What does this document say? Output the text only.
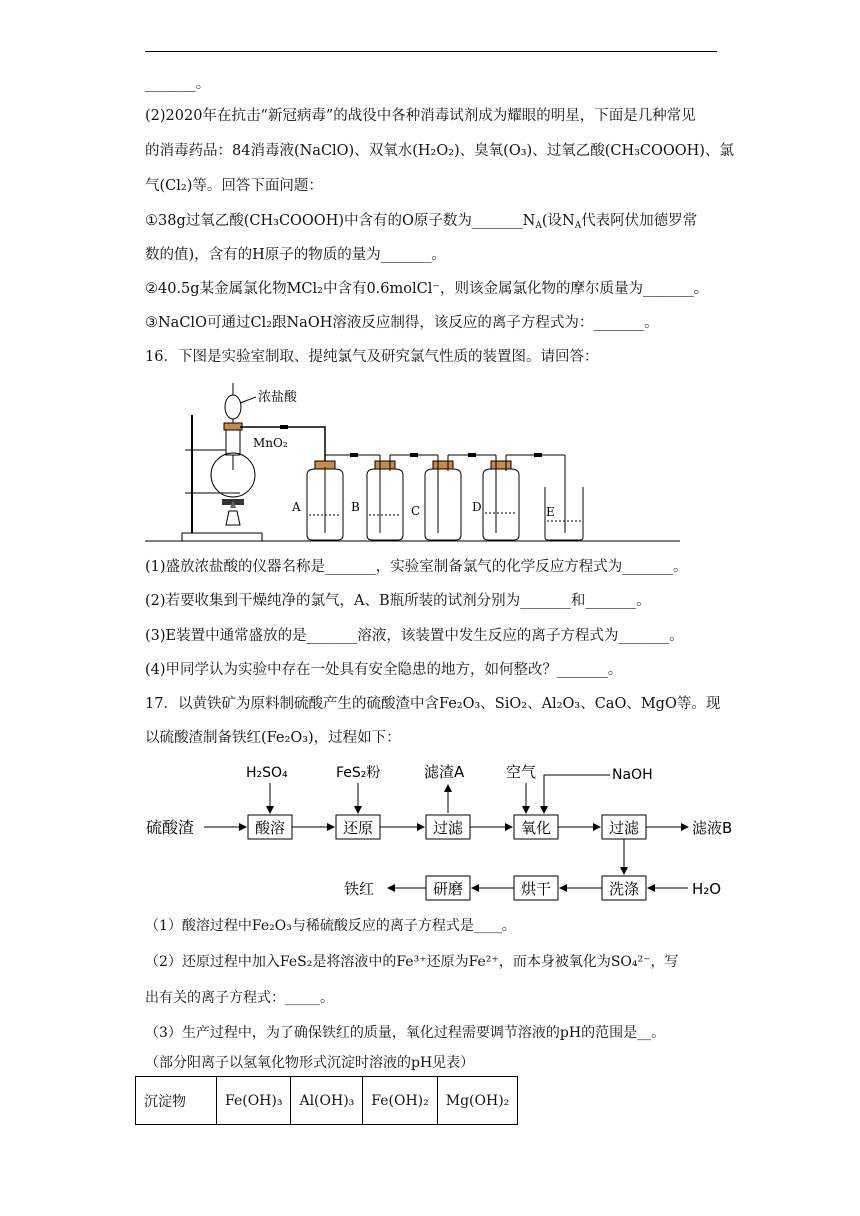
_______。
(2)2020年在抗击“新冠病毒”的战役中各种消毒试剂成为耀眼的明星，下面是几种常见
的消毒药品：84消毒液(NaClO)、双氧水(H₂O₂)、臭氧(O₃)、过氧乙酸(CH₃COOOH)、氯
气(Cl₂)等。回答下面问题：
①38g过氧乙酸(CH₃COOOH)中含有的O原子数为$\_\_\_\_\_\_\_N_A$(设$N_A$代表阿伏加德罗常
数的值)，含有的H原子的物质的量为_______。
②40.5g某金属氯化物MCl₂中含有0.6molCl⁻，则该金属氯化物的摩尔质量为_______。
③NaClO可通过Cl₂跟NaOH溶液反应制得，该反应的离子方程式为：_______。
16．下图是实验室制取、提纯氯气及研究氯气性质的装置图。请回答：
浓盐酸
MnO₂
A	B	C	D	E
(1)盛放浓盐酸的仪器名称是_______，实验室制备氯气的化学反应方程式为_______。
(2)若要收集到干燥纯净的氯气，A、B瓶所装的试剂分别为_______和_______。
(3)E装置中通常盛放的是_______溶液，该装置中发生反应的离子方程式为_______。
(4)甲同学认为实验中存在一处具有安全隐患的地方，如何整改？_______。
17．以黄铁矿为原料制硫酸产生的硫酸渣中含Fe₂O₃、SiO₂、Al₂O₃、CaO、MgO等。现
以硫酸渣制备铁红(Fe₂O₃)，过程如下：
硫酸渣	酸溶
H₂SO₄
还原
FeS₂粉
过滤
滤渣A
氧化
空气	NaOH
过滤	滤液B
洗涤	H₂O
烘干
研磨
铁红
（1）酸溶过程中Fe₂O₃与稀硫酸反应的离子方程式是____。
（2）还原过程中加入FeS₂是将溶液中的Fe³⁺还原为Fe²⁺，而本身被氧化为SO₄²⁻，写
出有关的离子方程式：_____。
（3）生产过程中，为了确保铁红的质量，氧化过程需要调节溶液的pH的范围是__。
（部分阳离子以氢氧化物形式沉淀时溶液的pH见表）
沉淀物	Fe(OH)₃	Al(OH)₃	Fe(OH)₂	Mg(OH)₂
